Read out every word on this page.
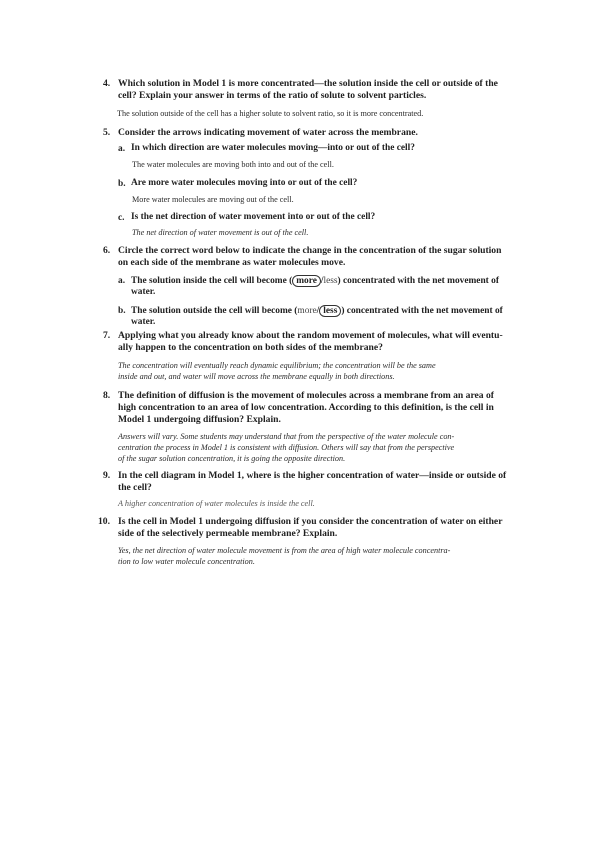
4. Which solution in Model 1 is more concentrated—the solution inside the cell or outside of the
cell? Explain your answer in terms of the ratio of solute to solvent particles.
The solution outside of the cell has a higher solute to solvent ratio, so it is more concentrated.
5. Consider the arrows indicating movement of water across the membrane.
a. In which direction are water molecules moving—into or out of the cell?
The water molecules are moving both into and out of the cell.
b. Are more water molecules moving into or out of the cell?
More water molecules are moving out of the cell.
c. Is the net direction of water movement into or out of the cell?
The net direction of water movement is out of the cell.
6. Circle the correct word below to indicate the change in the concentration of the sugar solution
on each side of the membrane as water molecules move.
a. The solution inside the cell will become ( more /less) concentrated with the net movement of
water.
b. The solution outside the cell will become (more/ less ) concentrated with the net movement of
water.
7. Applying what you already know about the random movement of molecules, what will eventu-
ally happen to the concentration on both sides of the membrane?
The concentration will eventually reach dynamic equilibrium; the concentration will be the same
inside and out, and water will move across the membrane equally in both directions.
8. The definition of diffusion is the movement of molecules across a membrane from an area of
high concentration to an area of low concentration. According to this definition, is the cell in
Model 1 undergoing diffusion? Explain.
Answers will vary. Some students may understand that from the perspective of the water molecule con-
centration the process in Model 1 is consistent with diffusion. Others will say that from the perspective
of the sugar solution concentration, it is going the opposite direction.
9. In the cell diagram in Model 1, where is the higher concentration of water—inside or outside of
the cell?
A higher concentration of water molecules is inside the cell.
10. Is the cell in Model 1 undergoing diffusion if you consider the concentration of water on either
side of the selectively permeable membrane? Explain.
Yes, the net direction of water molecule movement is from the area of high water molecule concentra-
tion to low water molecule concentration.
